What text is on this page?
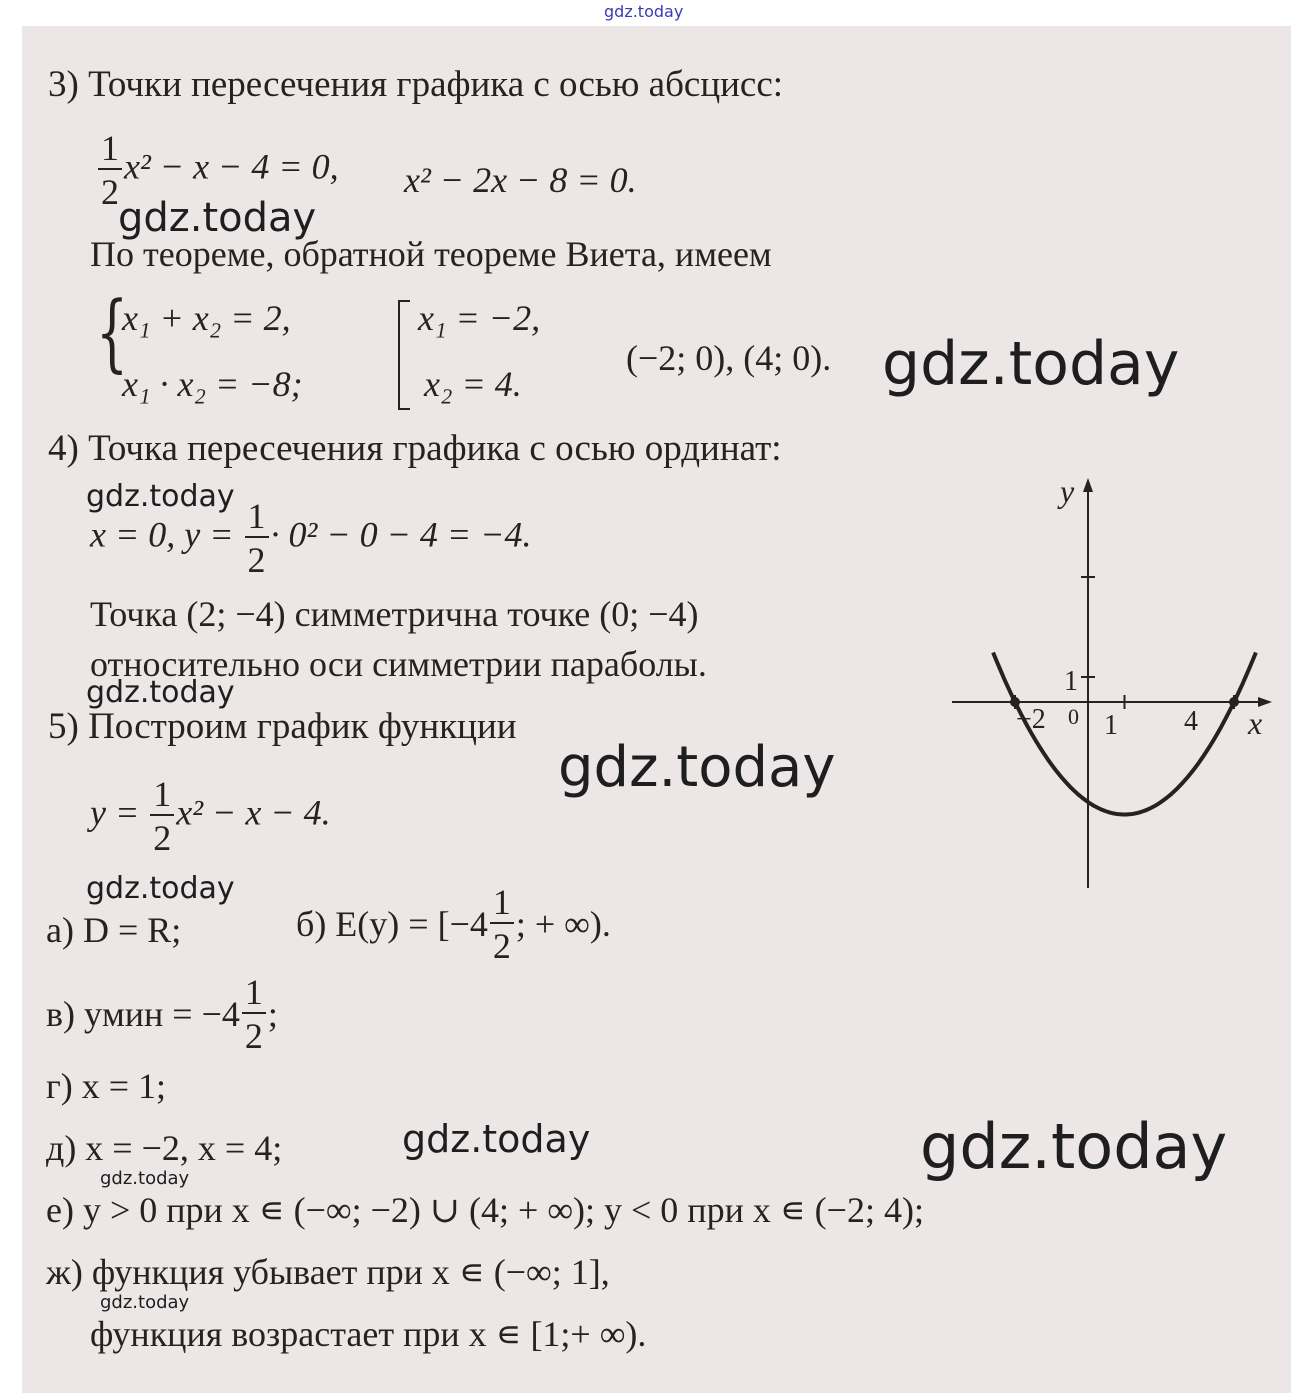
gdz.today
3) Точки пересечения графика с осью абсцисс:
$\frac{1}{2} x^2 - x - 4 = 0$, x² − 2x − 8 = 0.
gdz.today
По теореме, обратной теореме Виета, имеем
{
x₁ + x₂ = 2,
x₁ · x₂ = −8;
x₁ = −2,
x₂ = 4.
(−2; 0), (4; 0). gdz.today
4) Точка пересечения графика с осью ординат:
gdz.today
x = 0, $y = \frac{1}{2} \cdot 0^2 - 0 - 4 = -4$.
Точка (2; −4) симметрична точке (0; −4)
относительно оси симметрии параболы.
gdz.today
5) Построим график функции
gdz.today
$y = \frac{1}{2} x^2 - x - 4$.
gdz.today
а) D = R;	б) $E(y) = [-4 \frac{1}{2}$ ; + ∞).
в) yмин = $-4 \frac{1}{2}$ ;
г) x = 1;
д) x = −2, x = 4;	gdz.today	gdz.today
gdz.today
е) y > 0 при x ∊ (−∞; −2) ∪ (4; + ∞); y < 0 при x ∊ (−2; 4);
ж) функция убывает при x ∊ (−∞; 1],
gdz.today
функция возрастает при x ∊ [1;+ ∞).
y
x
0
−2 1 4
1
